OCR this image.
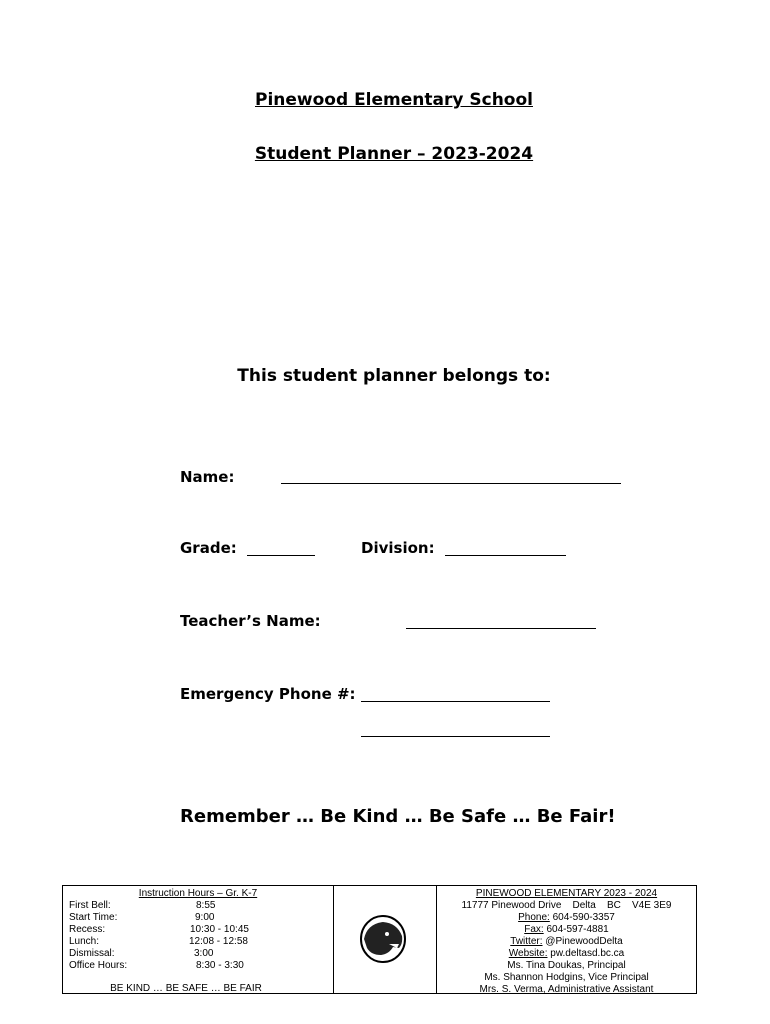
Pinewood Elementary School
Student Planner – 2023-2024
This student planner belongs to:
Name:
Grade:	Division:
Teacher’s Name:
Emergency Phone #:
Remember … Be Kind … Be Safe … Be Fair!
Instruction Hours – Gr. K-7
First Bell:	8:55
Start Time:	9:00
Recess:	10:30 - 10:45
Lunch:	12:08 - 12:58
Dismissal:	3:00
Office Hours:	8:30 - 3:30
BE KIND … BE SAFE … BE FAIR
PINEWOOD ELEMENTARY 2023 - 2024
11777 Pinewood Drive    Delta    BC    V4E 3E9
Phone: 604-590-3357
Fax: 604-597-4881
Twitter: @PinewoodDelta
Website: pw.deltasd.bc.ca
Ms. Tina Doukas, Principal
Ms. Shannon Hodgins, Vice Principal
Mrs. S. Verma, Administrative Assistant
